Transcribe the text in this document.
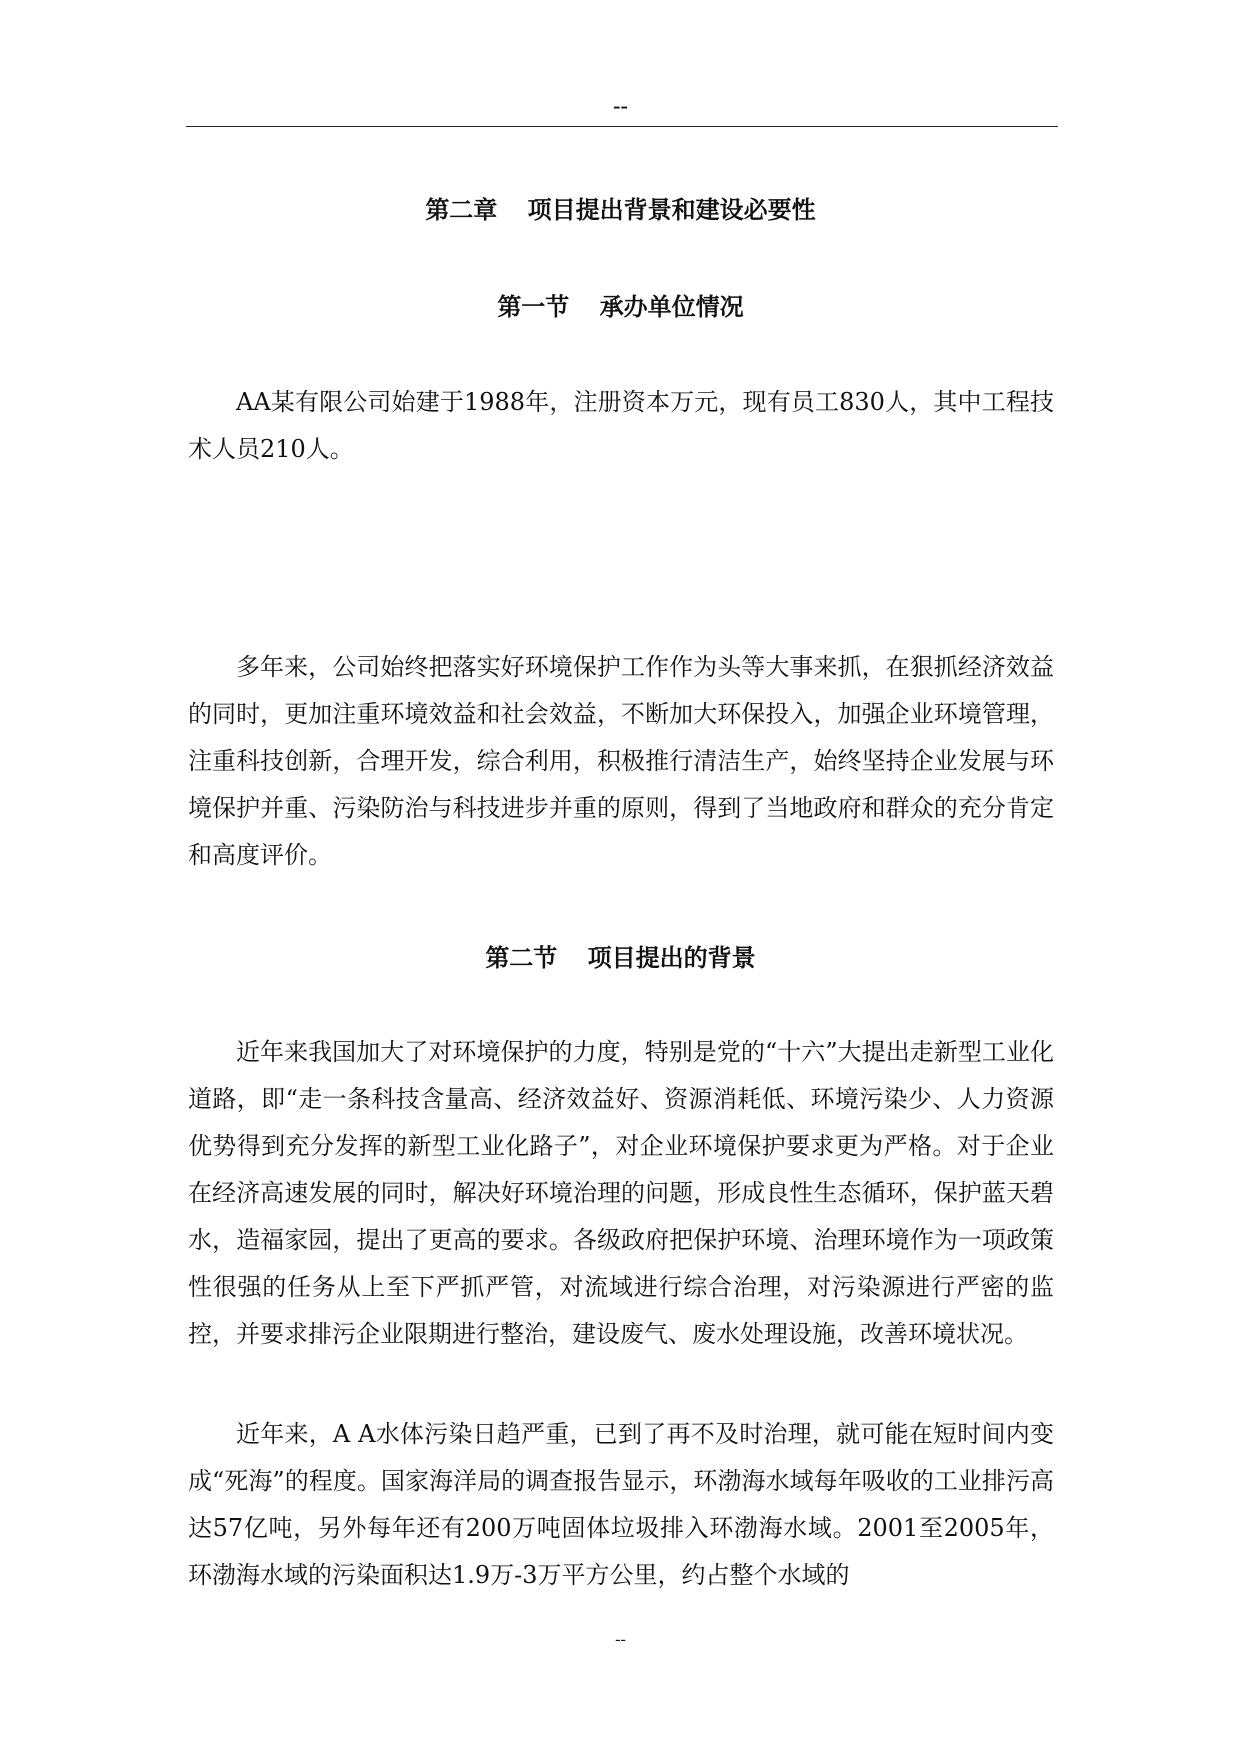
--
第二章 项目提出背景和建设必要性
第一节 承办单位情况

AA某有限公司始建于1988年，注册资本万元，现有员工830人，其中工程技术人员210人。

多年来，公司始终把落实好环境保护工作作为头等大事来抓，在狠抓经济效益的同时，更加注重环境效益和社会效益，不断加大环保投入，加强企业环境管理，注重科技创新，合理开发，综合利用，积极推行清洁生产，始终坚持企业发展与环境保护并重、污染防治与科技进步并重的原则，得到了当地政府和群众的充分肯定和高度评价。

第二节 项目提出的背景

近年来我国加大了对环境保护的力度，特别是党的“十六”大提出走新型工业化道路，即“走一条科技含量高、经济效益好、资源消耗低、环境污染少、人力资源优势得到充分发挥的新型工业化路子”，对企业环境保护要求更为严格。对于企业在经济高速发展的同时，解决好环境治理的问题，形成良性生态循环，保护蓝天碧水，造福家园，提出了更高的要求。各级政府把保护环境、治理环境作为一项政策性很强的任务从上至下严抓严管，对流域进行综合治理，对污染源进行严密的监控，并要求排污企业限期进行整治，建设废气、废水处理设施，改善环境状况。

近年来，A A水体污染日趋严重，已到了再不及时治理，就可能在短时间内变成“死海”的程度。国家海洋局的调查报告显示，环渤海水域每年吸收的工业排污高达57亿吨，另外每年还有200万吨固体垃圾排入环渤海水域。2001至2005年，环渤海水域的污染面积达1.9万-3万平方公里，约占整个水域的

--
